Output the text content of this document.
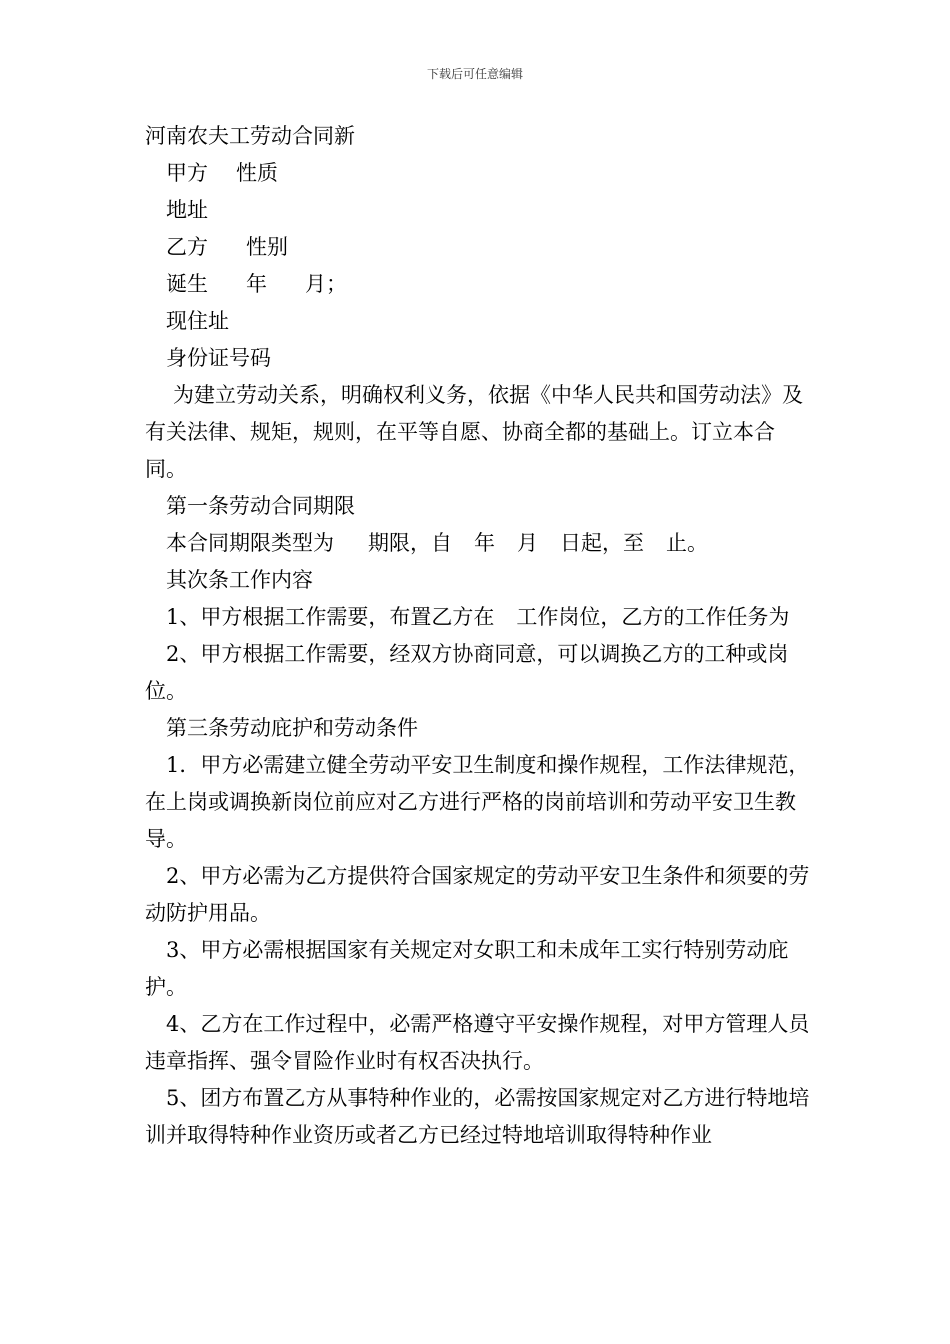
下载后可任意编辑

河南农夫工劳动合同新

甲方 性质

地址

乙方 性别

诞生 年 月；

现住址

身份证号码

为建立劳动关系，明确权利义务，依据《中华人民共和国劳动法》及有关法律、规矩，规则，在平等自愿、协商全都的基础上。订立本合同。

第一条劳动合同期限

本合同期限类型为 期限，自 年 月 日起，至 止。

其次条工作内容

1、甲方根据工作需要，布置乙方在 工作岗位，乙方的工作任务为

2、甲方根据工作需要，经双方协商同意，可以调换乙方的工种或岗位。

第三条劳动庇护和劳动条件

1．甲方必需建立健全劳动平安卫生制度和操作规程，工作法律规范，在上岗或调换新岗位前应对乙方进行严格的岗前培训和劳动平安卫生教导。

2、甲方必需为乙方提供符合国家规定的劳动平安卫生条件和须要的劳动防护用品。

3、甲方必需根据国家有关规定对女职工和未成年工实行特别劳动庇护。

4、乙方在工作过程中，必需严格遵守平安操作规程，对甲方管理人员违章指挥、强令冒险作业时有权否决执行。

5、团方布置乙方从事特种作业的，必需按国家规定对乙方进行特地培训并取得特种作业资历或者乙方已经过特地培训取得特种作业
